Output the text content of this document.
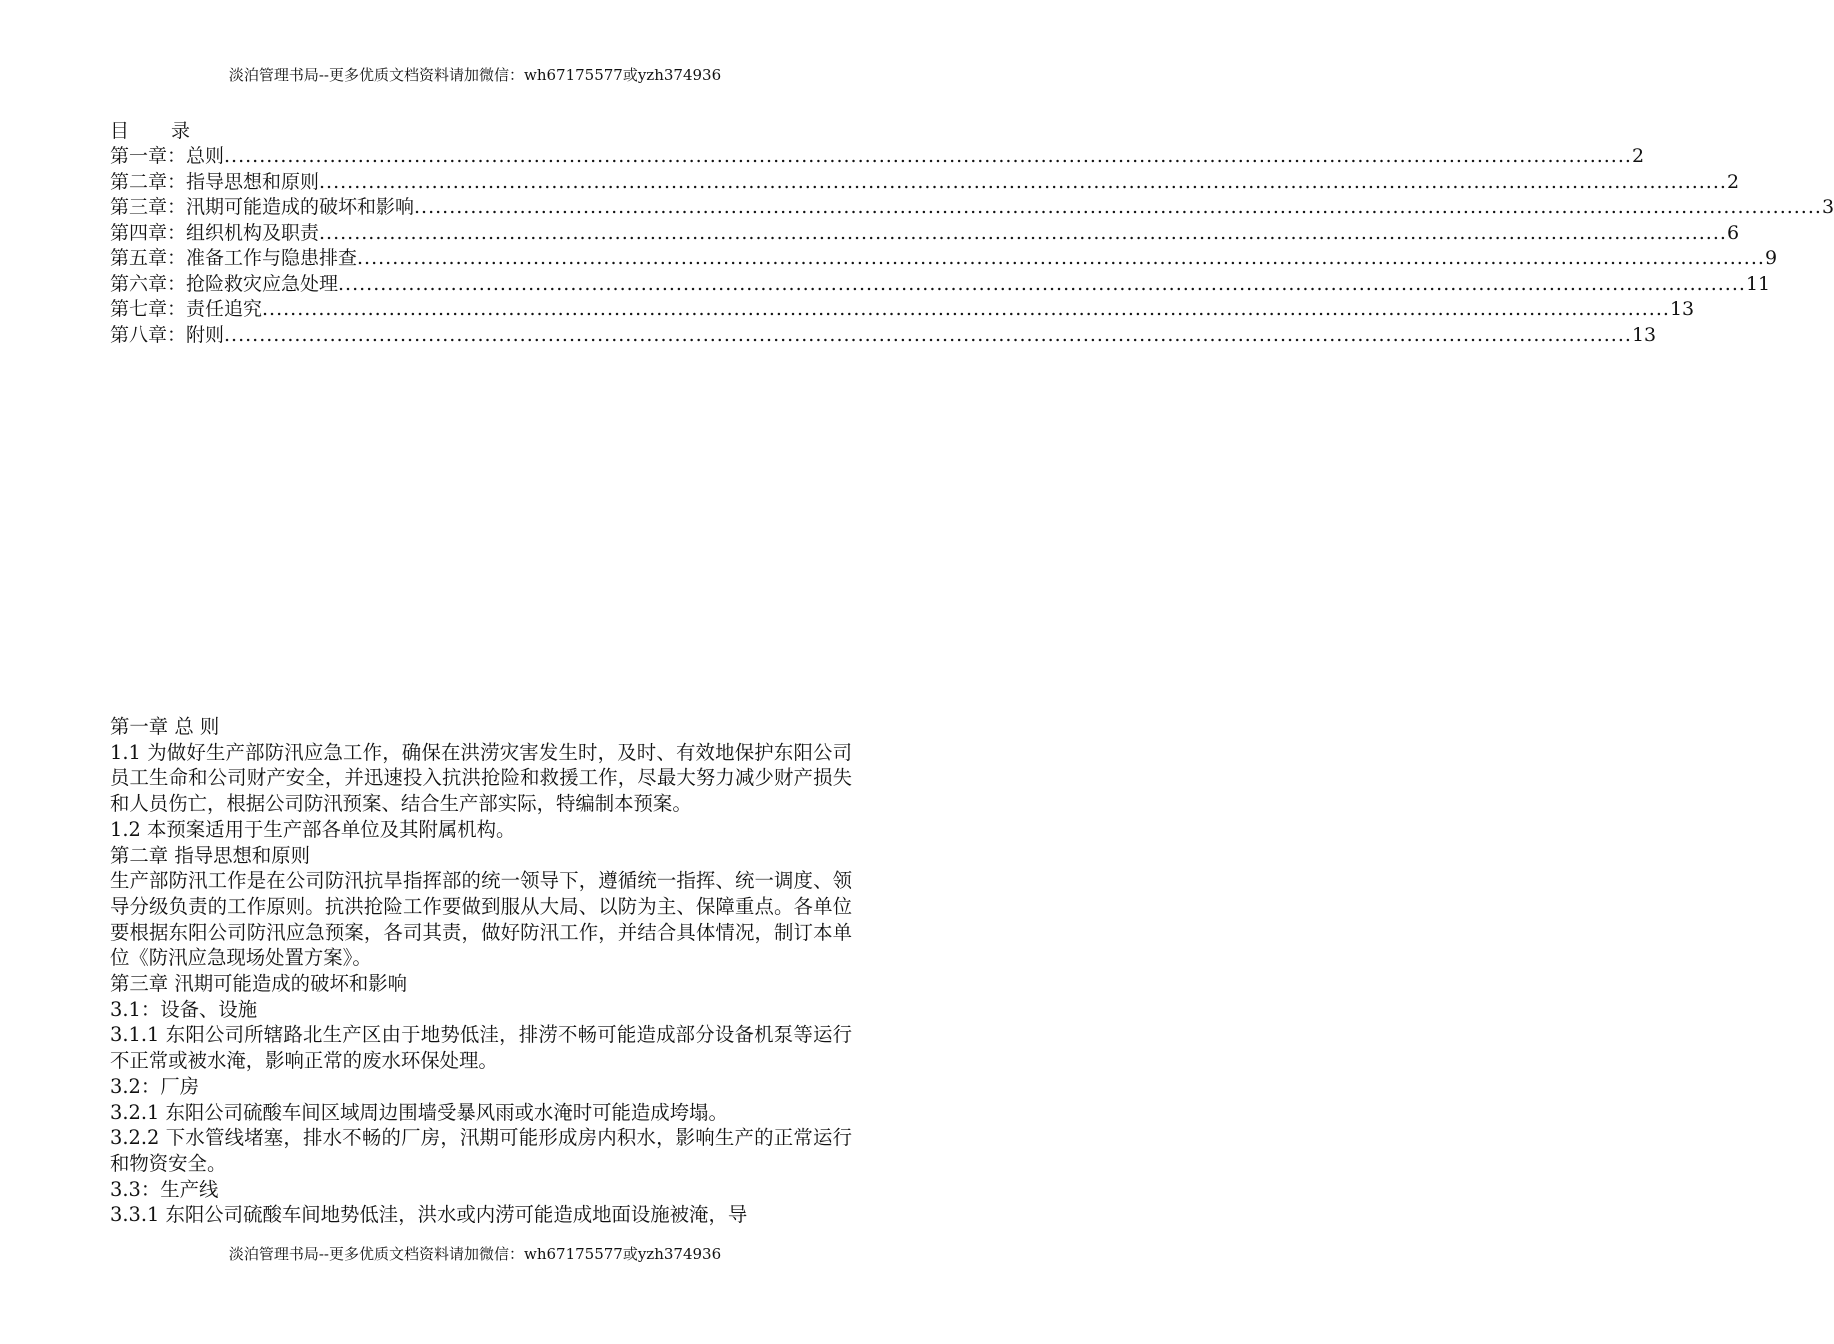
淡泊管理书局--更多优质文档资料请加微信：wh67175577或yzh374936
目 录
第一章：总则 ........................................................................................................................................................................................................ 2
第二章：指导思想和原则 ........................................................................................................................................................................................................ 2
第三章：汛期可能造成的破坏和影响 ........................................................................................................................................................................................................ 3
第四章：组织机构及职责 ........................................................................................................................................................................................................ 6
第五章：准备工作与隐患排查 ........................................................................................................................................................................................................ 9
第六章：抢险救灾应急处理 ........................................................................................................................................................................................................ 11
第七章：责任追究 ........................................................................................................................................................................................................ 13
第八章：附则 ........................................................................................................................................................................................................ 13

第一章 总 则

1.1 为做好生产部防汛应急工作，确保在洪涝灾害发生时，及时、有效地保护东阳公司员工生命和公司财产安全，并迅速投入抗洪抢险和救援工作，尽最大努力减少财产损失和人员伤亡，根据公司防汛预案、结合生产部实际，特编制本预案。

1.2 本预案适用于生产部各单位及其附属机构。

第二章 指导思想和原则

生产部防汛工作是在公司防汛抗旱指挥部的统一领导下，遵循统一指挥、统一调度、领导分级负责的工作原则。抗洪抢险工作要做到服从大局、以防为主、保障重点。各单位要根据东阳公司防汛应急预案，各司其责，做好防汛工作，并结合具体情况，制订本单位《防汛应急现场处置方案》。

第三章 汛期可能造成的破坏和影响

3.1：设备、设施

3.1.1 东阳公司所辖路北生产区由于地势低洼，排涝不畅可能造成部分设备机泵等运行不正常或被水淹，影响正常的废水环保处理。

3.2：厂房

3.2.1 东阳公司硫酸车间区域周边围墙受暴风雨或水淹时可能造成垮塌。

3.2.2 下水管线堵塞，排水不畅的厂房，汛期可能形成房内积水，影响生产的正常运行和物资安全。

3.3：生产线

3.3.1 东阳公司硫酸车间地势低洼，洪水或内涝可能造成地面设施被淹，导

淡泊管理书局--更多优质文档资料请加微信：wh67175577或yzh374936
